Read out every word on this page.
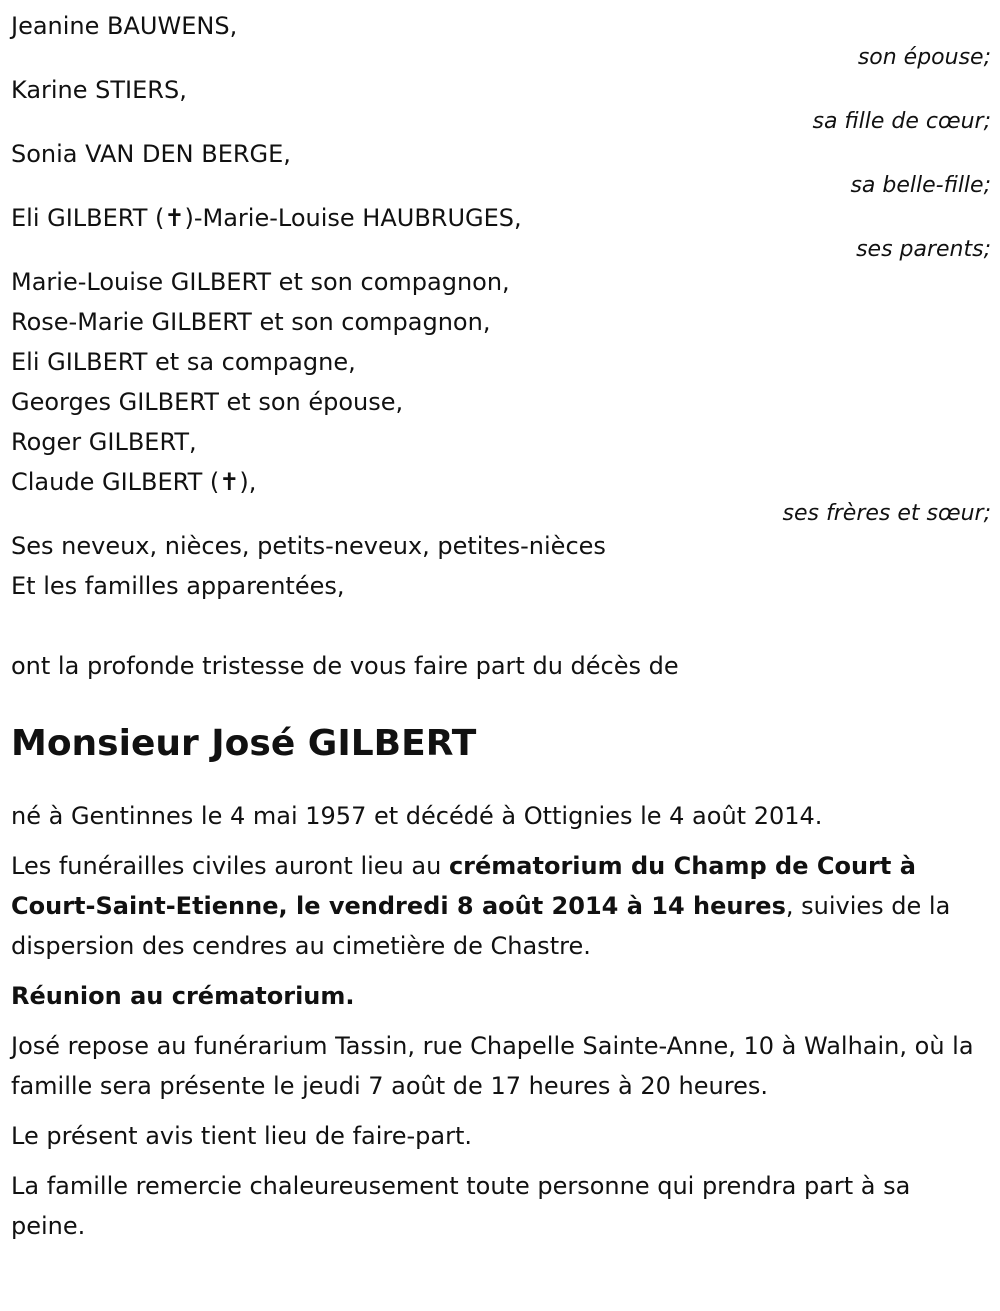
Jeanine BAUWENS,
son épouse;
Karine STIERS,
sa fille de cœur;
Sonia VAN DEN BERGE,
sa belle-fille;
Eli GILBERT (✝)-Marie-Louise HAUBRUGES,
ses parents;
Marie-Louise GILBERT et son compagnon,
Rose-Marie GILBERT et son compagnon,
Eli GILBERT et sa compagne,
Georges GILBERT et son épouse,
Roger GILBERT,
Claude GILBERT (✝),
ses frères et sœur;
Ses neveux, nièces, petits-neveux, petites-nièces
Et les familles apparentées,
ont la profonde tristesse de vous faire part du décès de
Monsieur José GILBERT

né à Gentinnes le 4 mai 1957 et décédé à Ottignies le 4 août 2014.

Les funérailles civiles auront lieu au crématorium du Champ de Court à Court-Saint-Etienne, le vendredi 8 août 2014 à 14 heures, suivies de la dispersion des cendres au cimetière de Chastre.

Réunion au crématorium.

José repose au funérarium Tassin, rue Chapelle Sainte-Anne, 10 à Walhain, où la famille sera présente le jeudi 7 août de 17 heures à 20 heures.

Le présent avis tient lieu de faire-part.

La famille remercie chaleureusement toute personne qui prendra part à sa peine.
